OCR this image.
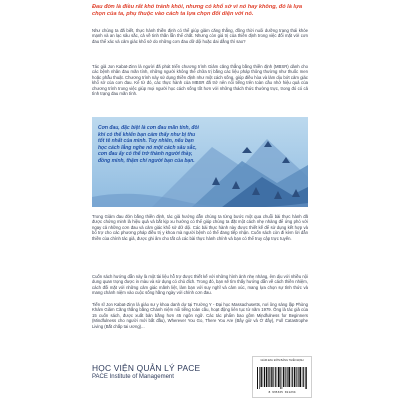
Đau đớn là điều rất khó tránh khỏi, nhưng có khổ sở vì nó hay không, đó là lựa chọn của ta, phụ thuộc vào cách ta lựa chọn đối diện với nó.

Như chúng ta đã biết, thực hành thiền định có thể giúp giảm căng thẳng, đồng thời nuôi dưỡng trạng thái khỏe mạnh và an lạc sâu sắc, cả về tinh thần lẫn thể chất. Nhưng còn giá trị của thiền định trong việc đối mặt với cơn đau thể xác và cảm giác khổ sở do những cơn đau dữ dội hoặc dai dẳng thì sao?

Tác giả Jon Kabat-Zinn là người đã phát triển chương trình Giảm căng thẳng bằng thiền định (MBSR) dành cho các bệnh nhân đau mãn tính, những người không thể chữa trị bằng các liệu pháp thông thường như thuốc men hoặc phẫu thuật. Chương trình này sử dụng thiền định như một cách sống, giúp điều hòa và làm dịu bớt cảm giác khổ sở của cơn đau. Kể từ đó, các thực hành của MBSR đã trở nên nổi tiếng trên toàn cầu nhờ hiệu quả của chương trình trong việc giúp mọi người học cách sống tốt hơn với những thách thức thường trực, trong đó có cả tình trạng đau mãn tính.

Cơn đau, đặc biệt là cơn đau mãn tính, đôi khi có thể khiến bạn cảm thấy như bị thu tốt tê nhất của mình. Tuy nhiên, nếu bạn học cách lắng nghe nó một cách sâu sắc, cơn đau ấy có thể trở thành người thầy, đồng minh, thậm chí người bạn của bạn.

Trong Giảm đau đớn bằng thiền định, tác giả hướng dẫn chúng ta từng bước một qua chuỗi bài thực hành đã được chứng minh là hiệu quả và bắt kịp xu hướng có thể giúp chúng ta đặt một cách nhẹ nhàng để ứng phó với ngay cả những cơn đau và cảm giác khổ sở dữ dội. Các bài thực hành này được thiết kế để sử dụng kết hợp và bổ trợ cho các phương pháp điều trị y khoa mà người bệnh có thể đang tiếp nhận. Cuốn sách còn đi kèm lời dẫn thiền của chính tác giả, được ghi âm cho tất cả các bài thực hành chính và bạn có thể truy cập trực tuyến.

Cuốn sách hướng dẫn này là một tài liệu hỗ trợ được thiết kế với những hình ảnh nhẹ nhàng, êm dịu với nhiều nội dung quan trọng được in màu và sử dụng có chủ đích. Trong đó, bạn sẽ tìm thấy hướng dẫn về cách thiền nhiệm, cách đối mặt với những cảm giác mãnh liệt, làm bạn với suy nghĩ và cảm xúc, mang lựa chọn sự tỉnh thức và mang chánh niệm vào cuộc sống hằng ngày với chính cơn đau.

Tiến sĩ Jon Kabat-Zinn là giáo sư y khoa danh dự tại Trường Y - Đại học Massachusetts, nơi ông sáng lập Phòng Khám Giảm Căng thẳng bằng Chánh niệm nổi tiếng toàn cầu, hoạt động liên tục từ năm 1979. Ông là tác giả của 15 cuốn sách, được xuất bản bằng hơn 45 ngôn ngữ. Các tác phẩm bao gồm Mindfulness for Beginners (Mindfulness cho người mới bắt đầu), Wherever You Go, There You Are (Bây giờ và Ở đây), Full Catastrophe Living (Bắt chấp tai ương)...

HỌC VIỆN QUẢN LÝ PACE
PACE Institute of Management
GIẢM ĐAU ĐỚN BẰNG THIỀN ĐỊNH
8 935325 011234
